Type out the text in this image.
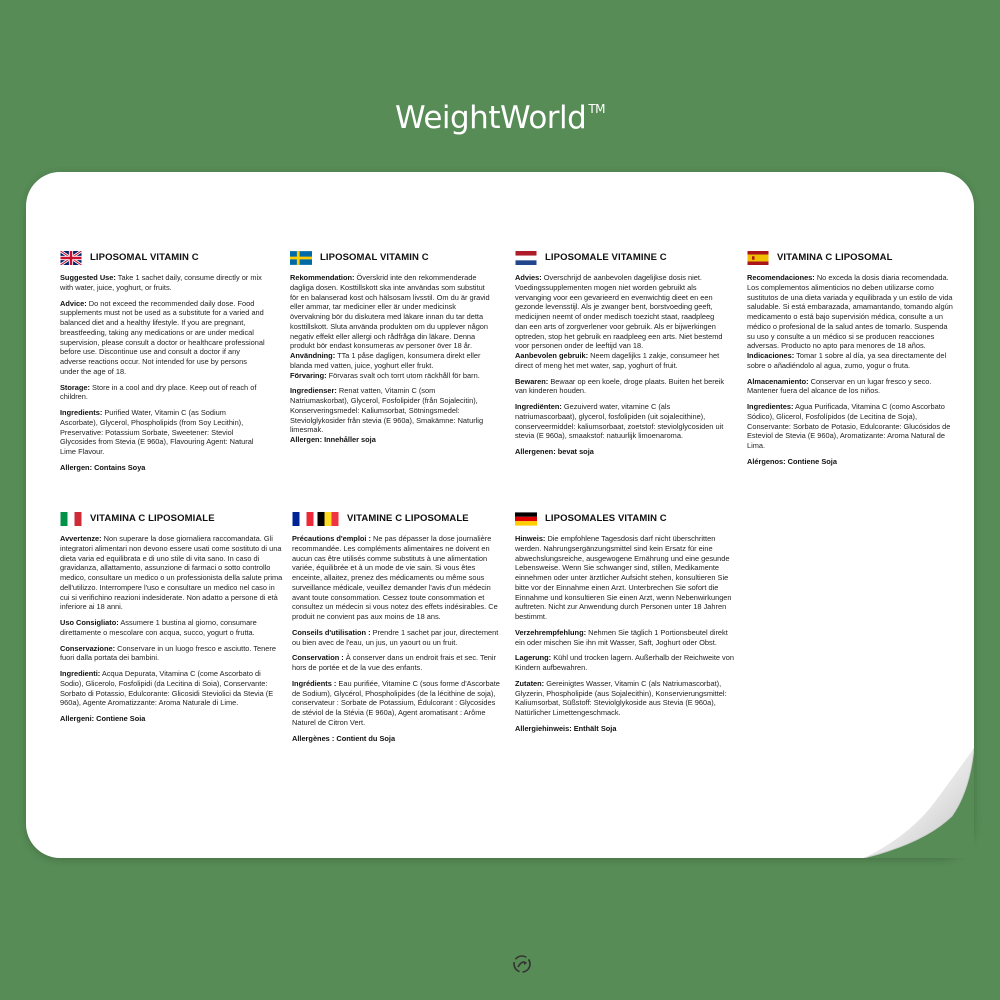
WeightWorld ™
LIPOSOMAL VITAMIN C

Suggested Use: Take 1 sachet daily, consume directly or mix with water, juice, yoghurt, or fruits.

Advice: Do not exceed the recommended daily dose. Food supplements must not be used as a substitute for a varied and balanced diet and a healthy lifestyle. If you are pregnant, breastfeeding, taking any medications or are under medical supervision, please consult a doctor or healthcare professional before use. Discontinue use and consult a doctor if any adverse reactions occur. Not intended for use by persons under the age of 18.

Storage: Store in a cool and dry place. Keep out of reach of children.

Ingredients: Purified Water, Vitamin C (as Sodium Ascorbate), Glycerol, Phospholipids (from Soy Lecithin), Preservative: Potassium Sorbate, Sweetener: Steviol Glycosides from Stevia (E 960a), Flavouring Agent: Natural Lime Flavour.

Allergen: Contains Soya

LIPOSOMAL VITAMIN C

Rekommendation: Överskrid inte den rekommenderade dagliga dosen. Kosttillskott ska inte användas som substitut för en balanserad kost och hälsosam livsstil. Om du är gravid eller ammar, tar mediciner eller är under medicinsk övervakning bör du diskutera med läkare innan du tar detta kosttillskott. Sluta använda produkten om du upplever någon negativ effekt eller allergi och rådfråga din läkare. Denna produkt bör endast konsumeras av personer över 18 år.

Användning: TTa 1 påse dagligen, konsumera direkt eller blanda med vatten, juice, yoghurt eller frukt.

Förvaring: Förvaras svalt och torrt utom räckhåll för barn.

Ingredienser: Renat vatten, Vitamin C (som Natriumaskorbat), Glycerol, Fosfolipider (från Sojalecitin), Konserveringsmedel: Kaliumsorbat, Sötningsmedel: Steviolglykosider från stevia (E 960a), Smakämne: Naturlig limesmak.

Allergen: Innehåller soja

LIPOSOMALE VITAMINE C

Advies: Overschrijd de aanbevolen dagelijkse dosis niet. Voedingssupplementen mogen niet worden gebruikt als vervanging voor een gevarieerd en evenwichtig dieet en een gezonde levensstijl. Als je zwanger bent, borstvoeding geeft, medicijnen neemt of onder medisch toezicht staat, raadpleeg dan een arts of zorgverlener voor gebruik. Als er bijwerkingen optreden, stop het gebruik en raadpleeg een arts. Niet bestemd voor personen onder de leeftijd van 18.

Aanbevolen gebruik: Neem dagelijks 1 zakje, consumeer het direct of meng het met water, sap, yoghurt of fruit.

Bewaren: Bewaar op een koele, droge plaats. Buiten het bereik van kinderen houden.

Ingrediënten: Gezuiverd water, vitamine C (als natriumascorbaat), glycerol, fosfolipiden (uit sojalecithine), conserveermiddel: kaliumsorbaat, zoetstof: steviolglycosiden uit stevia (E 960a), smaakstof: natuurlijk limoenaroma.

Allergenen: bevat soja

VITAMINA C LIPOSOMAL

Recomendaciones: No exceda la dosis diaria recomendada. Los complementos alimenticios no deben utilizarse como sustitutos de una dieta variada y equilibrada y un estilo de vida saludable. Si está embarazada, amamantando, tomando algún medicamento o está bajo supervisión médica, consulte a un médico o profesional de la salud antes de tomarlo. Suspenda su uso y consulte a un médico si se producen reacciones adversas. Producto no apto para menores de 18 años.

Indicaciones: Tomar 1 sobre al día, ya sea directamente del sobre o añadiéndolo al agua, zumo, yogur o fruta.

Almacenamiento: Conservar en un lugar fresco y seco. Mantener fuera del alcance de los niños.

Ingredientes: Agua Purificada, Vitamina C (como Ascorbato Sódico), Glicerol, Fosfolípidos (de Lecitina de Soja), Conservante: Sorbato de Potasio, Edulcorante: Glucósidos de Esteviol de Stevia (E 960a), Aromatizante: Aroma Natural de Lima.

Alérgenos: Contiene Soja

VITAMINA C LIPOSOMIALE

Avvertenze: Non superare la dose giornaliera raccomandata. Gli integratori alimentari non devono essere usati come sostituto di una dieta varia ed equilibrata e di uno stile di vita sano. In caso di gravidanza, allattamento, assunzione di farmaci o sotto controllo medico, consultare un medico o un professionista della salute prima dell'utilizzo. Interrompere l'uso e consultare un medico nel caso in cui si verifichino reazioni indesiderate. Non adatto a persone di età inferiore ai 18 anni.

Uso Consigliato: Assumere 1 bustina al giorno, consumare direttamente o mescolare con acqua, succo, yogurt o frutta.

Conservazione: Conservare in un luogo fresco e asciutto. Tenere fuori dalla portata dei bambini.

Ingredienti: Acqua Depurata, Vitamina C (come Ascorbato di Sodio), Glicerolo, Fosfolipidi (da Lecitina di Soia), Conservante: Sorbato di Potassio, Edulcorante: Glicosidi Steviolici da Stevia (E 960a), Agente Aromatizzante: Aroma Naturale di Lime.

Allergeni: Contiene Soia

VITAMINE C LIPOSOMALE

Précautions d'emploi : Ne pas dépasser la dose journalière recommandée. Les compléments alimentaires ne doivent en aucun cas être utilisés comme substituts à une alimentation variée, équilibrée et à un mode de vie sain. Si vous êtes enceinte, allaitez, prenez des médicaments ou même sous surveillance médicale, veuillez demander l'avis d'un médecin avant toute consommation. Cessez toute consommation et consultez un médecin si vous notez des effets indésirables. Ce produit ne convient pas aux moins de 18 ans.

Conseils d'utilisation : Prendre 1 sachet par jour, directement ou bien avec de l'eau, un jus, un yaourt ou un fruit.

Conservation : À conserver dans un endroit frais et sec. Tenir hors de portée et de la vue des enfants.

Ingrédients : Eau purifiée, Vitamine C (sous forme d'Ascorbate de Sodium), Glycérol, Phospholipides (de la lécithine de soja), conservateur : Sorbate de Potassium, Édulcorant : Glycosides de stéviol de la Stévia (E 960a), Agent aromatisant : Arôme Naturel de Citron Vert.

Allergènes : Contient du Soja

LIPOSOMALES VITAMIN C

Hinweis: Die empfohlene Tagesdosis darf nicht überschritten werden. Nahrungsergänzungsmittel sind kein Ersatz für eine abwechslungsreiche, ausgewogene Ernährung und eine gesunde Lebensweise. Wenn Sie schwanger sind, stillen, Medikamente einnehmen oder unter ärztlicher Aufsicht stehen, konsultieren Sie bitte vor der Einnahme einen Arzt. Unterbrechen Sie sofort die Einnahme und konsultieren Sie einen Arzt, wenn Nebenwirkungen auftreten. Nicht zur Anwendung durch Personen unter 18 Jahren bestimmt.

Verzehrempfehlung: Nehmen Sie täglich 1 Portionsbeutel direkt ein oder mischen Sie ihn mit Wasser, Saft, Joghurt oder Obst.

Lagerung: Kühl und trocken lagern. Außerhalb der Reichweite von Kindern aufbewahren.

Zutaten: Gereinigtes Wasser, Vitamin C (als Natriumascorbat), Glyzerin, Phospholipide (aus Sojalecithin), Konservierungsmittel: Kaliumsorbat, Süßstoff: Steviolglykoside aus Stevia (E 960a), Natürlicher Limettengeschmack.

Allergiehinweis: Enthält Soja
